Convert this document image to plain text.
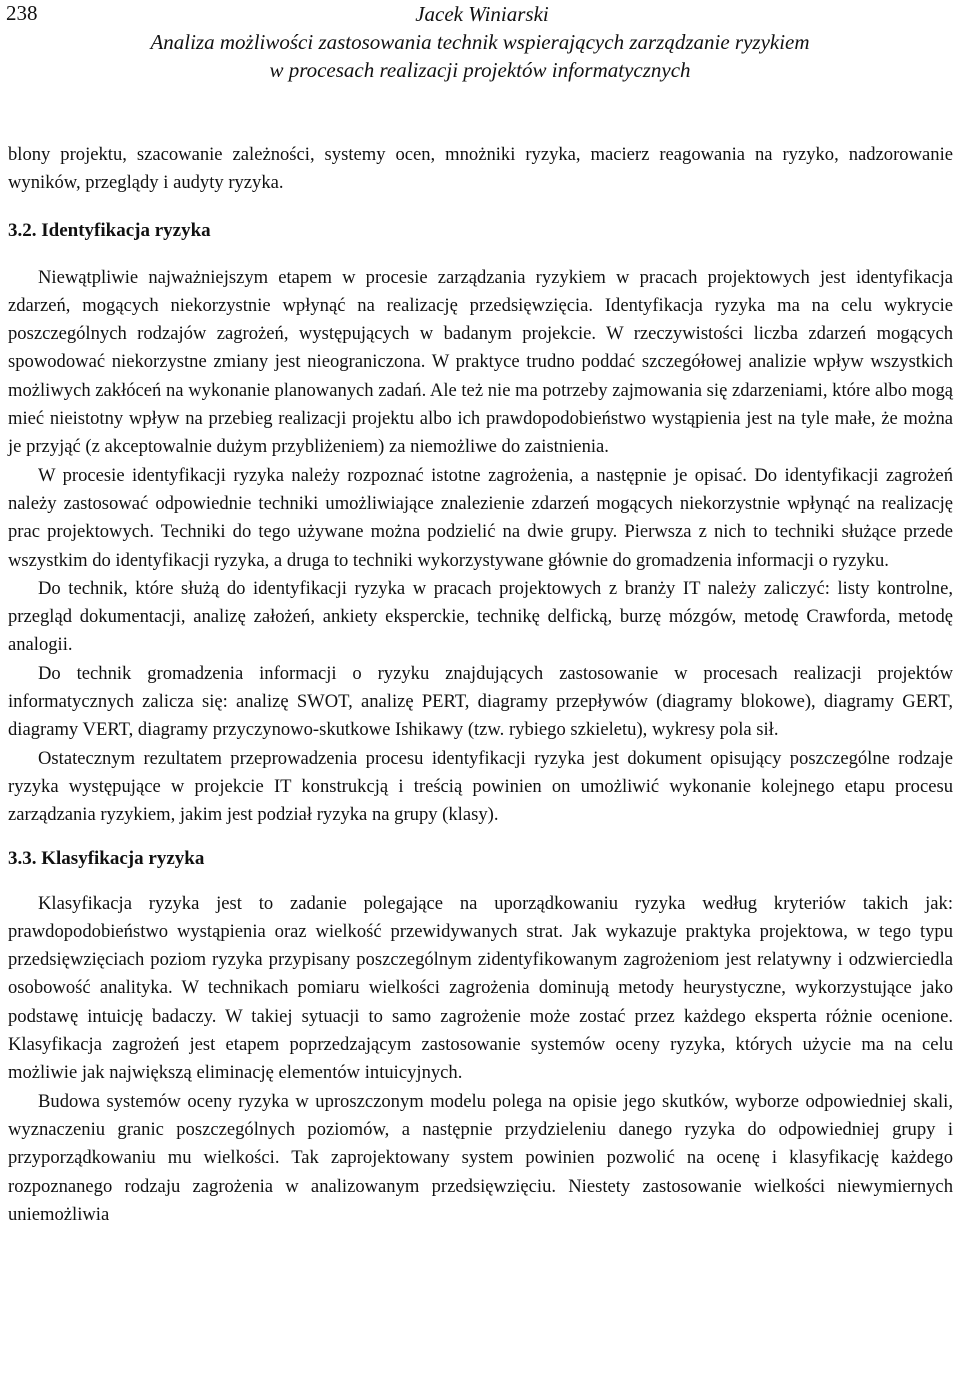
238	Jacek Winiarski
Analiza możliwości zastosowania technik wspierających zarządzanie ryzykiem
w procesach realizacji projektów informatycznych

blony projektu, szacowanie zależności, systemy ocen, mnożniki ryzyka, macierz reagowania na ryzyko, nadzorowanie wyników, przeglądy i audyty ryzyka.

3.2. Identyfikacja ryzyka

Niewątpliwie najważniejszym etapem w procesie zarządzania ryzykiem w pracach projektowych jest identyfikacja zdarzeń, mogących niekorzystnie wpłynąć na realizację przedsięwzięcia. Identyfikacja ryzyka ma na celu wykrycie poszczególnych rodzajów zagrożeń, występujących w badanym projekcie. W rzeczywistości liczba zdarzeń mogących spowodować niekorzystne zmiany jest nieograniczona. W praktyce trudno poddać szczegółowej analizie wpływ wszystkich możliwych zakłóceń na wykonanie planowanych zadań. Ale też nie ma potrzeby zajmowania się zdarzeniami, które albo mogą mieć nieistotny wpływ na przebieg realizacji projektu albo ich prawdopodobieństwo wystąpienia jest na tyle małe, że można je przyjąć (z akceptowalnie dużym przybliżeniem) za niemożliwe do zaistnienia.

W procesie identyfikacji ryzyka należy rozpoznać istotne zagrożenia, a następnie je opisać. Do identyfikacji zagrożeń należy zastosować odpowiednie techniki umożliwiające znalezienie zdarzeń mogących niekorzystnie wpłynąć na realizację prac projektowych. Techniki do tego używane można podzielić na dwie grupy. Pierwsza z nich to techniki służące przede wszystkim do identyfikacji ryzyka, a druga to techniki wykorzystywane głównie do gromadzenia informacji o ryzyku.

Do technik, które służą do identyfikacji ryzyka w pracach projektowych z branży IT należy zaliczyć: listy kontrolne, przegląd dokumentacji, analizę założeń, ankiety eksperckie, technikę delficką, burzę mózgów, metodę Crawforda, metodę analogii.

Do technik gromadzenia informacji o ryzyku znajdujących zastosowanie w procesach realizacji projektów informatycznych zalicza się: analizę SWOT, analizę PERT, diagramy przepływów (diagramy blokowe), diagramy GERT, diagramy VERT, diagramy przyczynowo-skutkowe Ishikawy (tzw. rybiego szkieletu), wykresy pola sił.

Ostatecznym rezultatem przeprowadzenia procesu identyfikacji ryzyka jest dokument opisujący poszczególne rodzaje ryzyka występujące w projekcie IT konstrukcją i treścią powinien on umożliwić wykonanie kolejnego etapu procesu zarządzania ryzykiem, jakim jest podział ryzyka na grupy (klasy).

3.3. Klasyfikacja ryzyka

Klasyfikacja ryzyka jest to zadanie polegające na uporządkowaniu ryzyka według kryteriów takich jak: prawdopodobieństwo wystąpienia oraz wielkość przewidywanych strat. Jak wykazuje praktyka projektowa, w tego typu przedsięwzięciach poziom ryzyka przypisany poszczególnym zidentyfikowanym zagrożeniom jest relatywny i odzwierciedla osobowość analityka. W technikach pomiaru wielkości zagrożenia dominują metody heurystyczne, wykorzystujące jako podstawę intuicję badaczy. W takiej sytuacji to samo zagrożenie może zostać przez każdego eksperta różnie ocenione. Klasyfikacja zagrożeń jest etapem poprzedzającym zastosowanie systemów oceny ryzyka, których użycie ma na celu możliwie jak największą eliminację elementów intuicyjnych.

Budowa systemów oceny ryzyka w uproszczonym modelu polega na opisie jego skutków, wyborze odpowiedniej skali, wyznaczeniu granic poszczególnych poziomów, a następnie przydzieleniu danego ryzyka do odpowiedniej grupy i przyporządkowaniu mu wielkości. Tak zaprojektowany system powinien pozwolić na ocenę i klasyfikację każdego rozpoznanego rodzaju zagrożenia w analizowanym przedsięwzięciu. Niestety zastosowanie wielkości niewymiernych uniemożliwia
